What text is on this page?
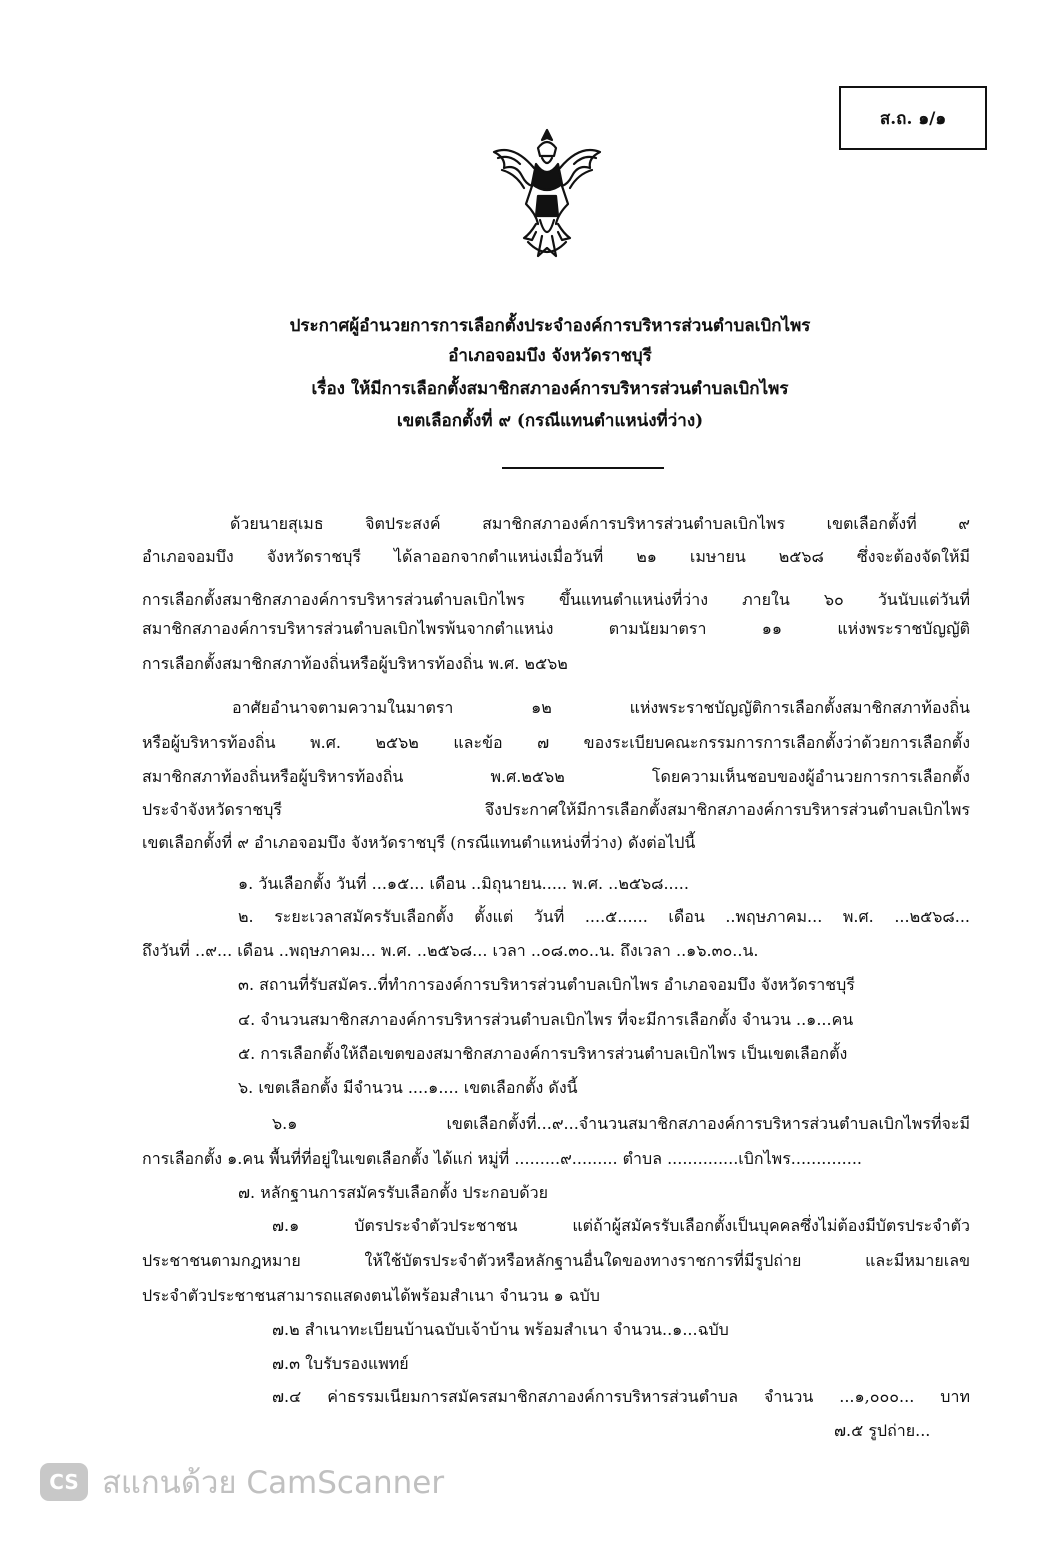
ส.ถ. ๑/๑
ประกาศผู้อำนวยการการเลือกตั้งประจำองค์การบริหารส่วนตำบลเบิกไพร
อำเภอจอมบึง จังหวัดราชบุรี
เรื่อง ให้มีการเลือกตั้งสมาชิกสภาองค์การบริหารส่วนตำบลเบิกไพร
เขตเลือกตั้งที่ ๙ (กรณีแทนตำแหน่งที่ว่าง)
ด้วยนายสุเมธ จิตประสงค์ สมาชิกสภาองค์การบริหารส่วนตำบลเบิกไพร เขตเลือกตั้งที่ ๙
อำเภอจอมบึง จังหวัดราชบุรี ได้ลาออกจากตำแหน่งเมื่อวันที่ ๒๑ เมษายน ๒๕๖๘ ซึ่งจะต้องจัดให้มี
การเลือกตั้งสมาชิกสภาองค์การบริหารส่วนตำบลเบิกไพร ขึ้นแทนตำแหน่งที่ว่าง ภายใน ๖๐ วันนับแต่วันที่
สมาชิกสภาองค์การบริหารส่วนตำบลเบิกไพรพ้นจากตำแหน่ง ตามนัยมาตรา ๑๑ แห่งพระราชบัญญัติ
การเลือกตั้งสมาชิกสภาท้องถิ่นหรือผู้บริหารท้องถิ่น พ.ศ. ๒๕๖๒
อาศัยอำนาจตามความในมาตรา ๑๒ แห่งพระราชบัญญัติการเลือกตั้งสมาชิกสภาท้องถิ่น
หรือผู้บริหารท้องถิ่น พ.ศ. ๒๕๖๒ และข้อ ๗ ของระเบียบคณะกรรมการการเลือกตั้งว่าด้วยการเลือกตั้ง
สมาชิกสภาท้องถิ่นหรือผู้บริหารท้องถิ่น พ.ศ.๒๕๖๒ โดยความเห็นชอบของผู้อำนวยการการเลือกตั้ง
ประจำจังหวัดราชบุรี จึงประกาศให้มีการเลือกตั้งสมาชิกสภาองค์การบริหารส่วนตำบลเบิกไพร
เขตเลือกตั้งที่ ๙ อำเภอจอมบึง จังหวัดราชบุรี (กรณีแทนตำแหน่งที่ว่าง) ดังต่อไปนี้
๑. วันเลือกตั้ง วันที่ ...๑๕... เดือน ..มิถุนายน..... พ.ศ. ..๒๕๖๘.....
๒. ระยะเวลาสมัครรับเลือกตั้ง ตั้งแต่ วันที่ ....๕...... เดือน ..พฤษภาคม... พ.ศ. ...๒๕๖๘...
ถึงวันที่ ..๙... เดือน ..พฤษภาคม... พ.ศ. ..๒๕๖๘... เวลา ..๐๘.๓๐..น. ถึงเวลา ..๑๖.๓๐..น.
๓. สถานที่รับสมัคร..ที่ทำการองค์การบริหารส่วนตำบลเบิกไพร อำเภอจอมบึง จังหวัดราชบุรี
๔. จำนวนสมาชิกสภาองค์การบริหารส่วนตำบลเบิกไพร ที่จะมีการเลือกตั้ง จำนวน ..๑...คน
๕. การเลือกตั้งให้ถือเขตของสมาชิกสภาองค์การบริหารส่วนตำบลเบิกไพร เป็นเขตเลือกตั้ง
๖. เขตเลือกตั้ง มีจำนวน ....๑.... เขตเลือกตั้ง ดังนี้
๖.๑ เขตเลือกตั้งที่...๙...จำนวนสมาชิกสภาองค์การบริหารส่วนตำบลเบิกไพรที่จะมี
การเลือกตั้ง ๑.คน พื้นที่ที่อยู่ในเขตเลือกตั้ง ได้แก่ หมู่ที่ .........๙......... ตำบล ..............เบิกไพร..............
๗. หลักฐานการสมัครรับเลือกตั้ง ประกอบด้วย
๗.๑ บัตรประจำตัวประชาชน แต่ถ้าผู้สมัครรับเลือกตั้งเป็นบุคคลซึ่งไม่ต้องมีบัตรประจำตัว
ประชาชนตามกฎหมาย ให้ใช้บัตรประจำตัวหรือหลักฐานอื่นใดของทางราชการที่มีรูปถ่าย และมีหมายเลข
ประจำตัวประชาชนสามารถแสดงตนได้พร้อมสำเนา จำนวน ๑ ฉบับ
๗.๒ สำเนาทะเบียนบ้านฉบับเจ้าบ้าน พร้อมสำเนา จำนวน..๑...ฉบับ
๗.๓ ใบรับรองแพทย์
๗.๔ ค่าธรรมเนียมการสมัครสมาชิกสภาองค์การบริหารส่วนตำบล จำนวน ...๑,๐๐๐... บาท
๗.๕ รูปถ่าย...
CS สแกนด้วย CamScanner
